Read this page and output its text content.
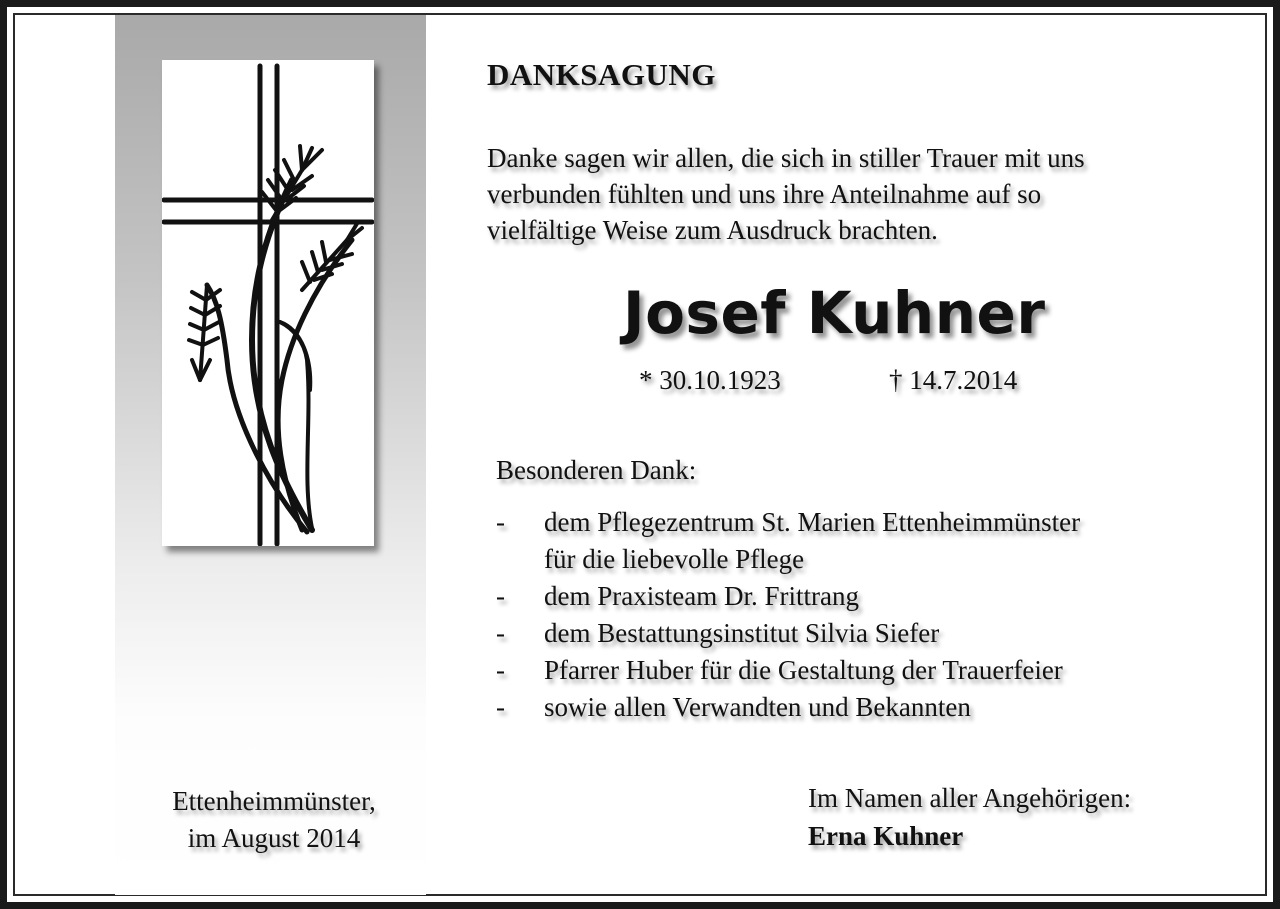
DANKSAGUNG
Danke sagen wir allen, die sich in stiller Trauer mit uns
verbunden fühlten und uns ihre Anteilnahme auf so
vielfältige Weise zum Ausdruck brachten.
Josef Kuhner
* 30.10.1923	† 14.7.2014
Besonderen Dank:
- dem Pflegezentrum St. Marien Ettenheimmünster
für die liebevolle Pflege
- dem Praxisteam Dr. Frittrang
- dem Bestattungsinstitut Silvia Siefer
- Pfarrer Huber für die Gestaltung der Trauerfeier
- sowie allen Verwandten und Bekannten
Ettenheimmünster,
im August 2014
Im Namen aller Angehörigen:
Erna Kuhner
